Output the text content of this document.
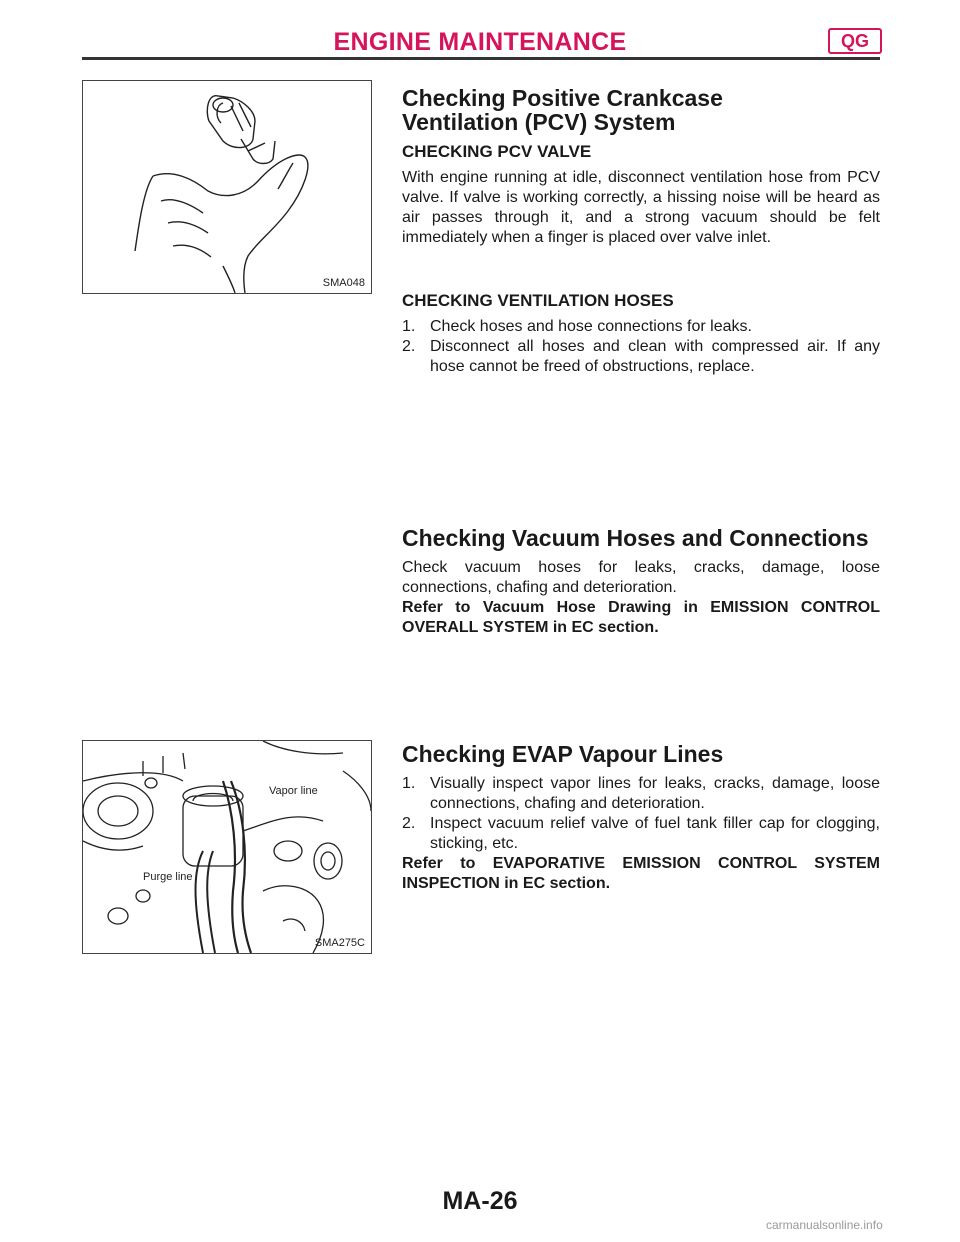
ENGINE MAINTENANCE	QG
SMA048
Checking Positive Crankcase Ventilation (PCV) System
CHECKING PCV VALVE

With engine running at idle, disconnect ventilation hose from PCV valve. If valve is working correctly, a hissing noise will be heard as air passes through it, and a strong vacuum should be felt immediately when a finger is placed over valve inlet.

CHECKING VENTILATION HOSES
1. Check hoses and hose connections for leaks.
2. Disconnect all hoses and clean with compressed air. If any hose cannot be freed of obstructions, replace.
Checking Vacuum Hoses and Connections

Check vacuum hoses for leaks, cracks, damage, loose connections, chafing and deterioration.

Refer to Vacuum Hose Drawing in EMISSION CONTROL OVERALL SYSTEM in EC section.

Vapor line
Purge line
SMA275C
Checking EVAP Vapour Lines
1. Visually inspect vapor lines for leaks, cracks, damage, loose connections, chafing and deterioration.
2. Inspect vacuum relief valve of fuel tank filler cap for clogging, sticking, etc.

Refer to EVAPORATIVE EMISSION CONTROL SYSTEM INSPECTION in EC section.

MA-26
carmanualsonline.info
